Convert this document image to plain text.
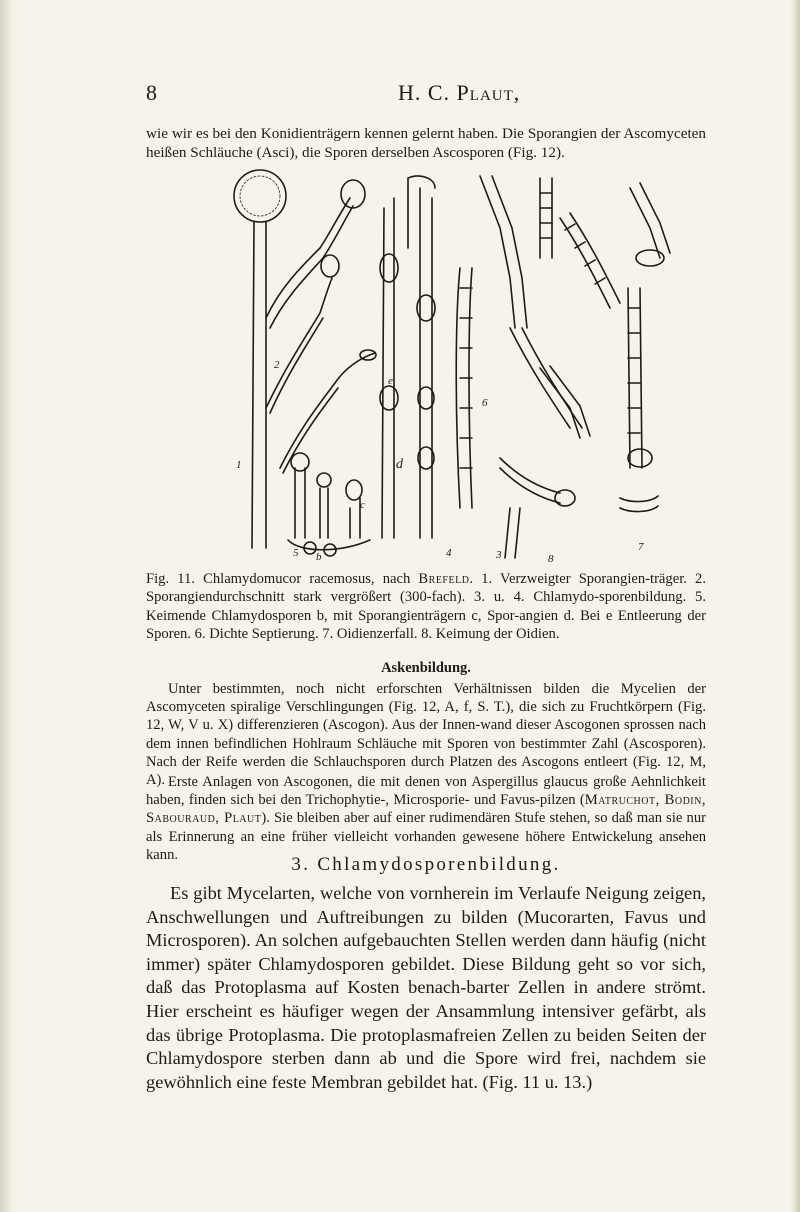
8	H. C. Plaut,
wie wir es bei den Konidienträgern kennen gelernt haben. Die Sporangien der Ascomyceten heißen Schläuche (Asci), die Sporen derselben Ascosporen (Fig. 12).
1
2
3
4
5
6
7
8
b
c
d
e
Fig. 11. Chlamydomucor racemosus, nach Brefeld. 1. Verzweigter Sporangien-träger. 2. Sporangiendurchschnitt stark vergrößert (300-fach). 3. u. 4. Chlamydo-sporenbildung. 5. Keimende Chlamydosporen b, mit Sporangienträgern c, Spor-angien d. Bei e Entleerung der Sporen. 6. Dichte Septierung. 7. Oidienzerfall. 8. Keimung der Oidien.
Askenbildung.
Unter bestimmten, noch nicht erforschten Verhältnissen bilden die Mycelien der Ascomyceten spiralige Verschlingungen (Fig. 12, A, f, S. T.), die sich zu Fruchtkörpern (Fig. 12, W, V u. X) differenzieren (Ascogon). Aus der Innen-wand dieser Ascogonen sprossen nach dem innen befindlichen Hohlraum Schläuche mit Sporen von bestimmter Zahl (Ascosporen). Nach der Reife werden die Schlauchsporen durch Platzen des Ascogons entleert (Fig. 12, M, A). Erste Anlagen von Ascogonen, die mit denen von Aspergillus glaucus große Aehnlichkeit haben, finden sich bei den Trichophytie-, Microsporie- und Favus-pilzen (Matruchot, Bodin, Sabouraud, Plaut). Sie bleiben aber auf einer rudimendären Stufe stehen, so daß man sie nur als Erinnerung an eine früher vielleicht vorhanden gewesene höhere Entwickelung ansehen kann.	3. Chlamydosporenbildung.
Es gibt Mycelarten, welche von vornherein im Verlaufe Neigung zeigen, Anschwellungen und Auftreibungen zu bilden (Mucorarten, Favus und Microsporen). An solchen aufgebauchten Stellen werden dann häufig (nicht immer) später Chlamydosporen gebildet. Diese Bildung geht so vor sich, daß das Protoplasma auf Kosten benach-barter Zellen in andere strömt. Hier erscheint es häufiger wegen der Ansammlung intensiver gefärbt, als das übrige Protoplasma. Die protoplasmafreien Zellen zu beiden Seiten der Chlamydospore sterben dann ab und die Spore wird frei, nachdem sie gewöhnlich eine feste Membran gebildet hat. (Fig. 11 u. 13.)
